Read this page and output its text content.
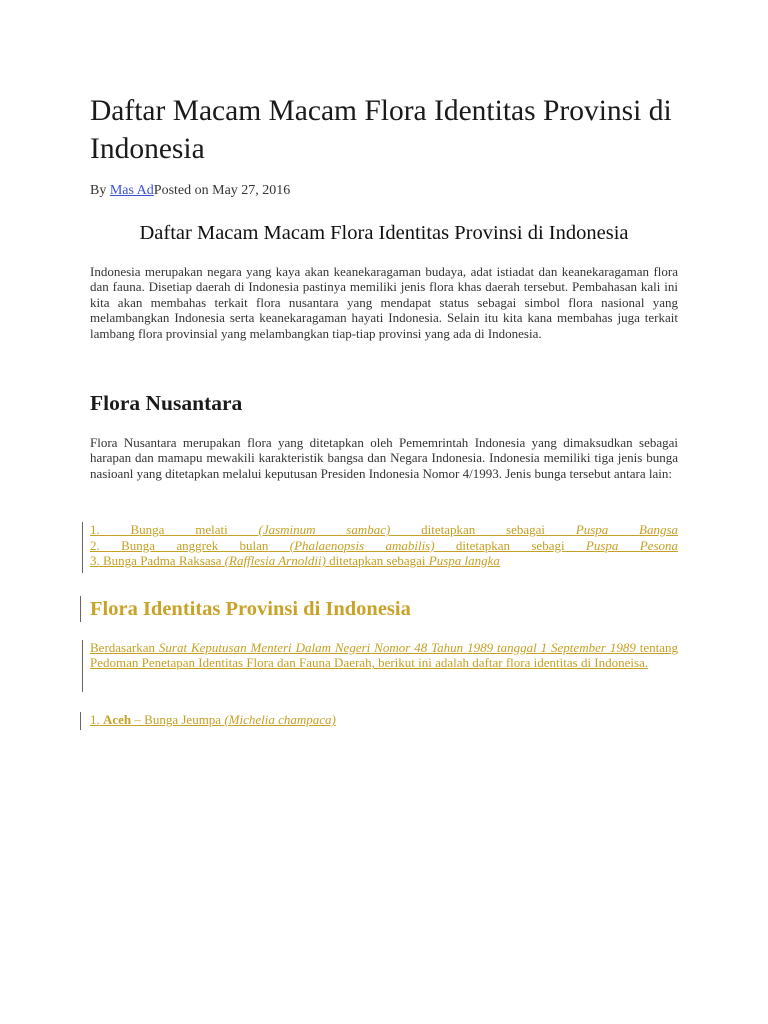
Daftar Macam Macam Flora Identitas Provinsi di Indonesia
By Mas AdPosted on May 27, 2016
Daftar Macam Macam Flora Identitas Provinsi di Indonesia

Indonesia merupakan negara yang kaya akan keanekaragaman budaya, adat istiadat dan keanekaragaman flora dan fauna. Disetiap daerah di Indonesia pastinya memiliki jenis flora khas daerah tersebut. Pembahasan kali ini kita akan membahas terkait flora nusantara yang mendapat status sebagai simbol flora nasional yang melambangkan Indonesia serta keanekaragaman hayati Indonesia. Selain itu kita kana membahas juga terkait lambang flora provinsial yang melambangkan tiap-tiap provinsi yang ada di Indonesia.

Flora Nusantara

Flora Nusantara merupakan flora yang ditetapkan oleh Pememrintah Indonesia yang dimaksudkan sebagai harapan dan mamapu mewakili karakteristik bangsa dan Negara Indonesia. Indonesia memiliki tiga jenis bunga nasioanl yang ditetapkan melalui keputusan Presiden Indonesia Nomor 4/1993. Jenis bunga tersebut antara lain:

1. Bunga melati (Jasminum sambac) ditetapkan sebagai Puspa Bangsa
2. Bunga anggrek bulan (Phalaenopsis amabilis) ditetapkan sebagi Puspa Pesona
3. Bunga Padma Raksasa (Rafflesia Arnoldii) ditetapkan sebagai Puspa langka
Flora Identitas Provinsi di Indonesia

Berdasarkan Surat Keputusan Menteri Dalam Negeri Nomor 48 Tahun 1989 tanggal 1 September 1989 tentang Pedoman Penetapan Identitas Flora dan Fauna Daerah, berikut ini adalah daftar flora identitas di Indoneisa.

1. Aceh – Bunga Jeumpa (Michelia champaca)
